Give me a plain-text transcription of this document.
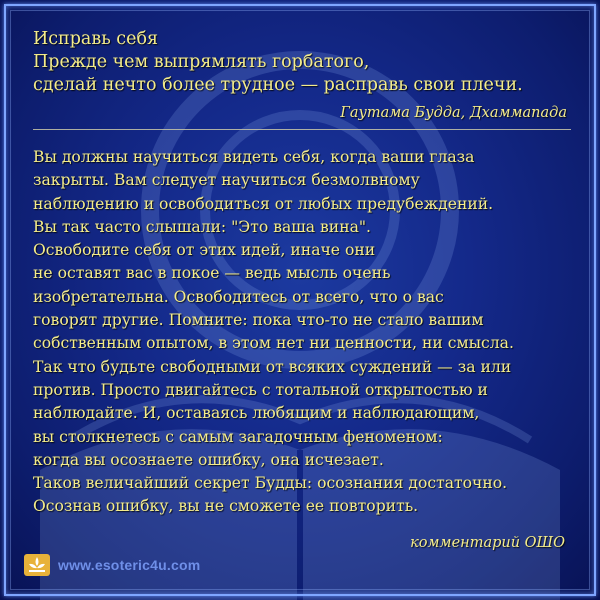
Исправь себя
Прежде чем выпрямлять горбатого,
сделай нечто более трудное — расправь свои плечи.
Гаутама Будда, Дхаммапада
Вы должны научиться видеть себя, когда ваши глаза
закрыты. Вам следует научиться безмолвному
наблюдению и освободиться от любых предубеждений.
Вы так часто слышали: "Это ваша вина".
Освободите себя от этих идей, иначе они
не оставят вас в покое — ведь мысль очень
изобретательна. Освободитесь от всего, что о вас
говорят другие. Помните: пока что-то не стало вашим
собственным опытом, в этом нет ни ценности, ни смысла.
Так что будьте свободными от всяких суждений — за или
против. Просто двигайтесь с тотальной открытостью и
наблюдайте. И, оставаясь любящим и наблюдающим,
вы столкнетесь с самым загадочным феноменом:
когда вы осознаете ошибку, она исчезает.
Таков величайший секрет Будды: осознания достаточно.
Осознав ошибку, вы не сможете ее повторить.
комментарий ОШО
www.esoteric4u.com
